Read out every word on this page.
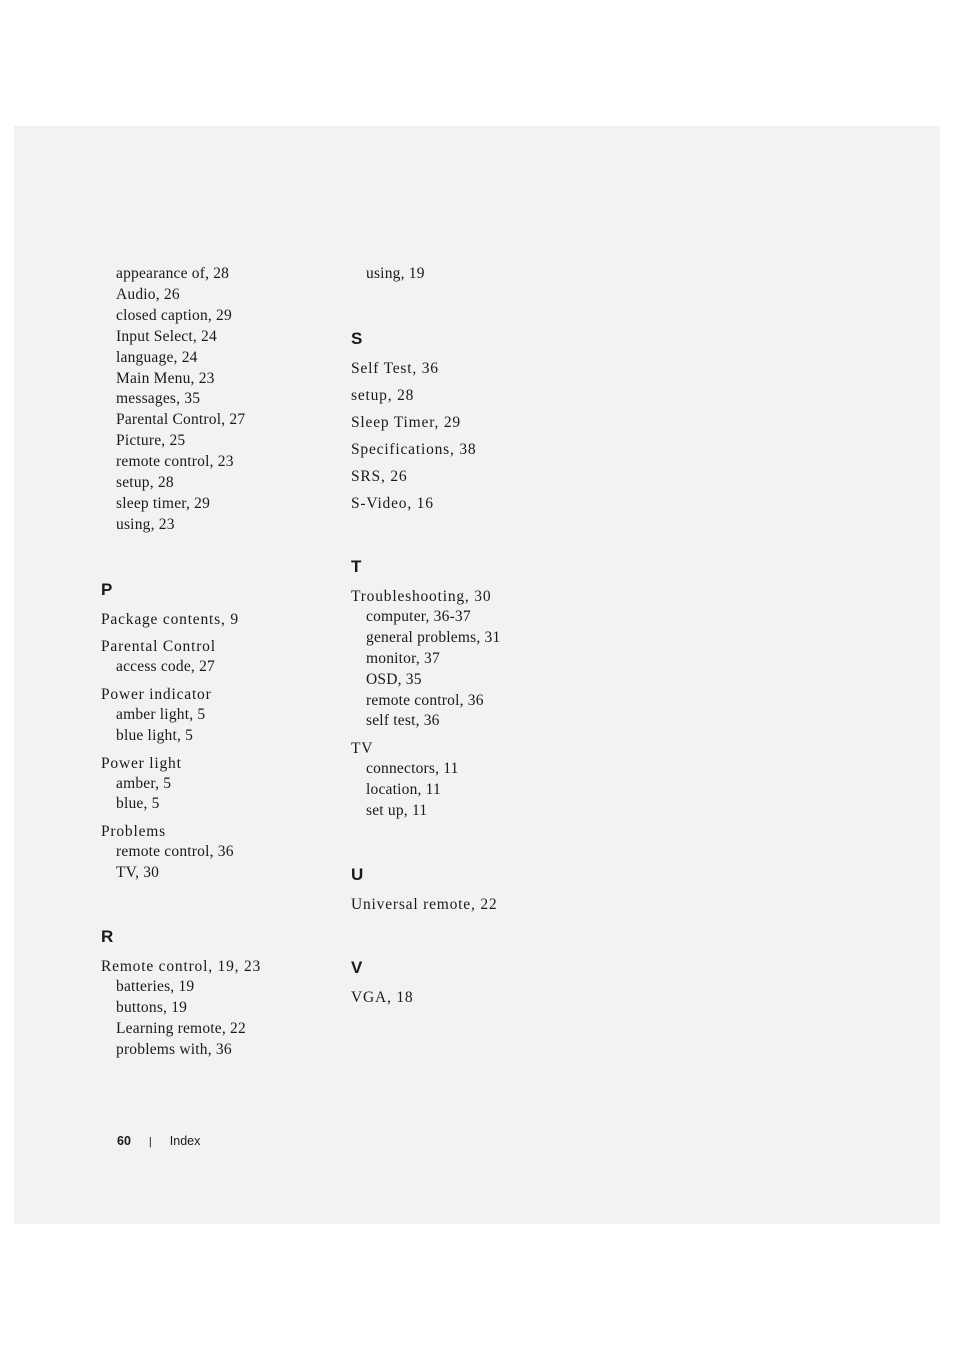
appearance of, 28
Audio, 26
closed caption, 29
Input Select, 24
language, 24
Main Menu, 23
messages, 35
Parental Control, 27
Picture, 25
remote control, 23
setup, 28
sleep timer, 29
using, 23
P
Package contents, 9
Parental Control
access code, 27
Power indicator
amber light, 5
blue light, 5
Power light
amber, 5
blue, 5
Problems
remote control, 36
TV, 30
R
Remote control, 19, 23
batteries, 19
buttons, 19
Learning remote, 22
problems with, 36
using, 19
S
Self Test, 36
setup, 28
Sleep Timer, 29
Specifications, 38
SRS, 26
S-Video, 16
T
Troubleshooting, 30
computer, 36-37
general problems, 31
monitor, 37
OSD, 35
remote control, 36
self test, 36
TV
connectors, 11
location, 11
set up, 11
U
Universal remote, 22
V
VGA, 18
60 | Index
